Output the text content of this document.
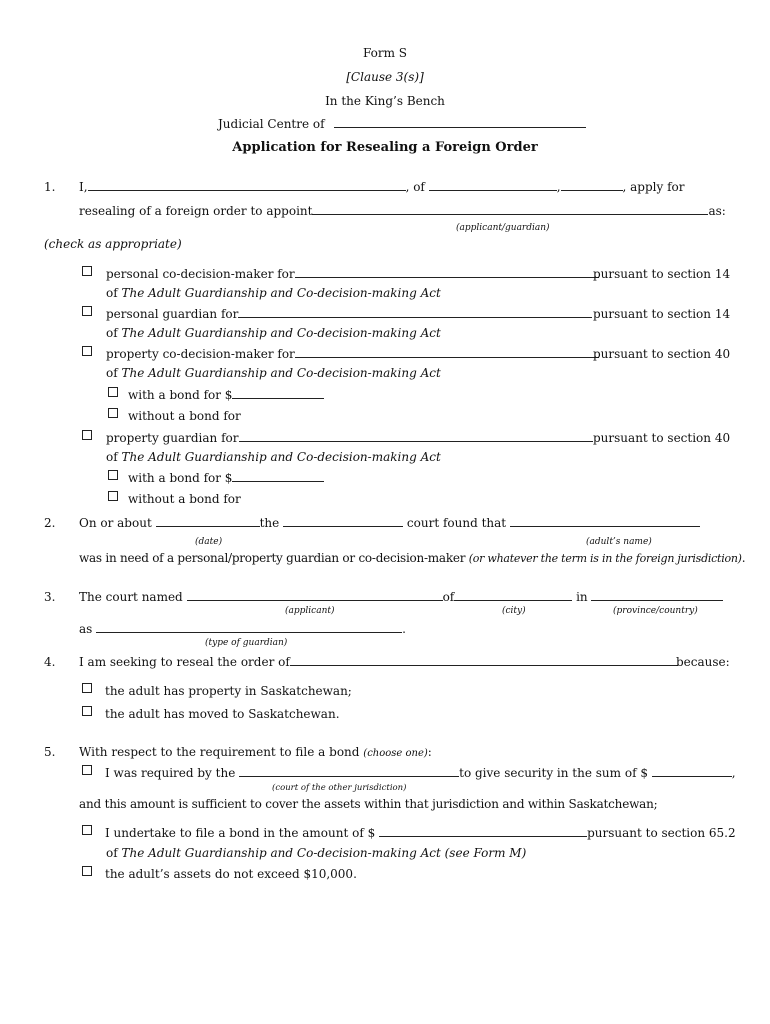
Form S
[Clause 3(s)]
In the King’s Bench
Judicial Centre of
Application for Resealing a Foreign Order
1. I,	, of	,	, apply for
resealing of a foreign order to appoint	as:
(applicant/guardian)
(check as appropriate)
personal co-decision-maker for	pursuant to section 14
of The Adult Guardianship and Co-decision-making Act
personal guardian for	pursuant to section 14
of The Adult Guardianship and Co-decision-making Act
property co-decision-maker for	pursuant to section 40
of The Adult Guardianship and Co-decision-making Act
with a bond for $
without a bond for
property guardian for	pursuant to section 40
of The Adult Guardianship and Co-decision-making Act
with a bond for $
without a bond for
2. On or about	the	court found that
(date)	(adult’s name)
was in need of a personal/property guardian or co-decision-maker (or whatever the term is in the foreign jurisdiction).
3. The court named	of	in
(applicant)	(city)	(province/country)
as	.
(type of guardian)
4. I am seeking to reseal the order of	because:
the adult has property in Saskatchewan;
the adult has moved to Saskatchewan.
5. With respect to the requirement to file a bond (choose one):
I was required by the	to give security in the sum of $	,
(court of the other jurisdiction)
and this amount is sufficient to cover the assets within that jurisdiction and within Saskatchewan;
I undertake to file a bond in the amount of $	pursuant to section 65.2
of The Adult Guardianship and Co-decision-making Act (see Form M)
the adult’s assets do not exceed $10,000.
